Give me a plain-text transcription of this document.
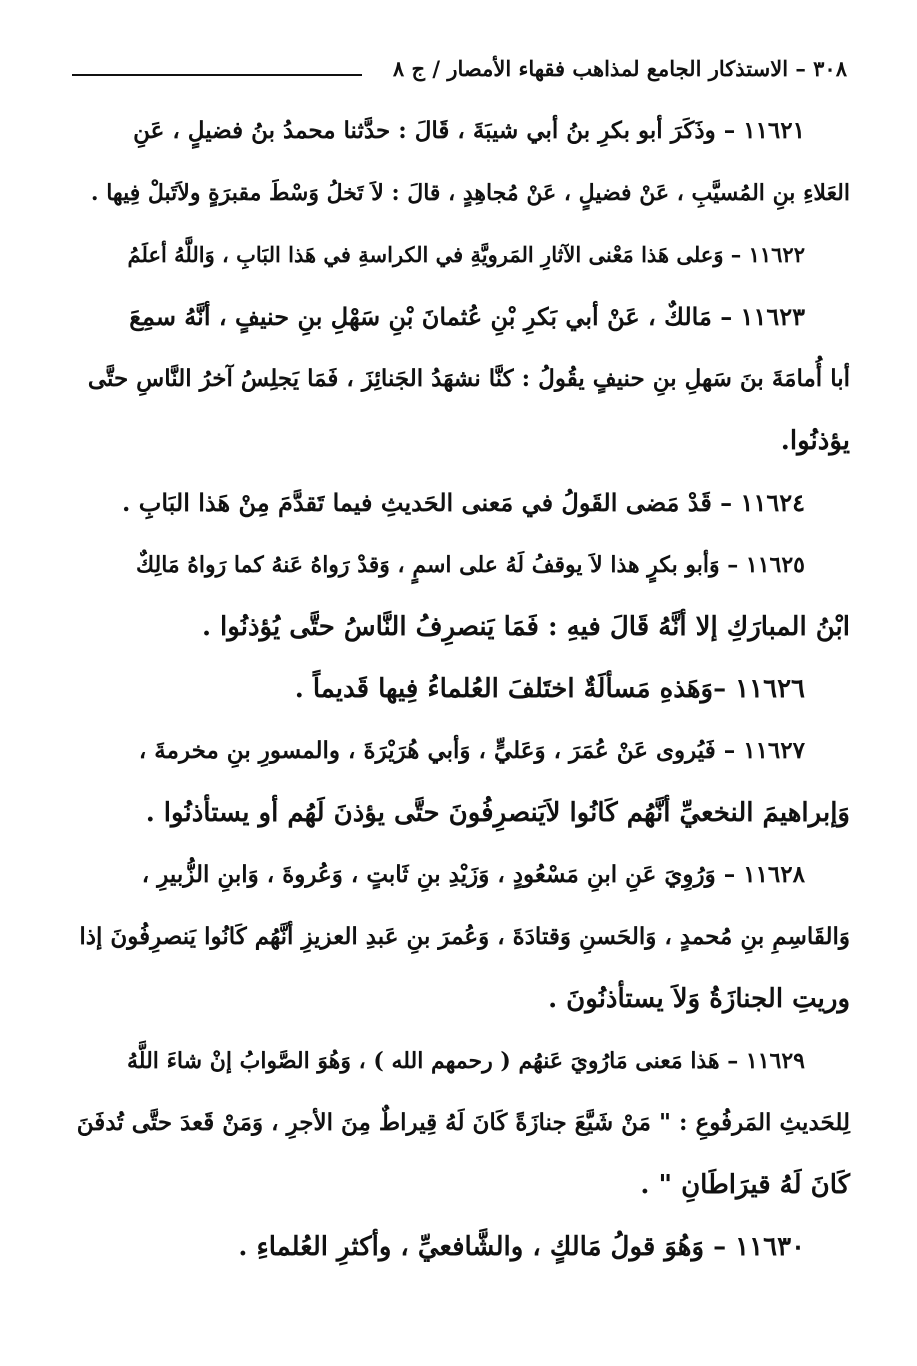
٣٠٨ – الاستذكار الجامع لمذاهب فقهاء الأمصار / ج ٨
١١٦٢١ – وذَكَرَ أبو بكرِ بنُ أبي شيبَةَ ، قَالَ : حدَّثنا محمدُ بنُ فضيلٍ ، عَنِ
العَلاءِ بنِ المُسيَّبِ ، عَنْ فضيلٍ ، عَنْ مُجاهِدٍ ، قالَ : لاَ تَخلُ وَسْطَ مقبرَةٍ ولاَتَبلْ فِيها .
١١٦٢٢ – وَعلى هَذا مَعْنى الآثارِ المَرويَّةِ في الكراسةِ في هَذا البَابِ ، وَاللَّهُ أعلَمُ
١١٦٢٣ – مَالكٌ ، عَنْ أبي بَكرِ بْنِ عُثمانَ بْنِ سَهْلِ بنِ حنيفٍ ، أنَّهُ سمِعَ
أبا أُمامَةَ بنَ سَهلِ بنِ حنيفٍ يقُولُ : كنَّا نشهَدُ الجَنائِزَ ، فَمَا يَجلِسُ آخرُ النَّاسِ حتَّى
يؤذنُوا.
١١٦٢٤ – قَدْ مَضى القَولُ في مَعنى الحَديثِ فيما تَقدَّمَ مِنْ هَذا البَابِ .
١١٦٢٥ – وَأبو بكرٍ هذا لاَ يوقفُ لَهُ على اسمٍ ، وَقدْ رَواهُ عَنهُ كما رَواهُ مَالِكٌ
ابْنُ المبارَكِ إلا أنَّهُ قَالَ فيهِ : فَمَا يَنصرِفُ النَّاسُ حتَّى يُؤذنُوا .
١١٦٢٦ –وَهَذهِ مَسألَةٌ اختَلفَ العُلماءُ فِيها قَديماً .
١١٦٢٧ – فَيُروى عَنْ عُمَرَ ، وَعَليٍّ ، وَأبي هُرَيْرَةَ ، والمسورِ بنِ مخرمةَ ،
وَإبراهيمَ النخعيِّ أنَّهُم كَانُوا لاَيَنصرِفُونَ حتَّى يؤذنَ لَهُم أو يستأذنُوا .
١١٦٢٨ – وَرُوِيَ عَنِ ابنِ مَسْعُودٍ ، وَزَيْدِ بنِ ثَابتٍ ، وَعُروةَ ، وَابنِ الزُّبيرِ ،
وَالقَاسِمِ بنِ مُحمدٍ ، وَالحَسنِ وَقتادَةَ ، وَعُمرَ بنِ عَبدِ العزيزِ أنَّهُم كَانُوا يَنصرِفُونَ إذا
وريتِ الجنازَةُ وَلاَ يستأذنُونَ .
١١٦٢٩ – هَذا مَعنى مَارُويَ عَنهُم ( رحمهم الله ) ، وَهُوَ الصَّوابُ إنْ شاءَ اللَّهُ
لِلحَديثِ المَرفُوعِ : " مَنْ شَيَّعَ جنازَةً كَانَ لَهُ قِيراطٌ مِنَ الأجرِ ، وَمَنْ قَعدَ حتَّى تُدفَنَ
كَانَ لَهُ قيرَاطَانِ " .
١١٦٣٠ – وَهُوَ قولُ مَالكٍ ، والشَّافعيِّ ، وأكثرِ العُلماءِ .
